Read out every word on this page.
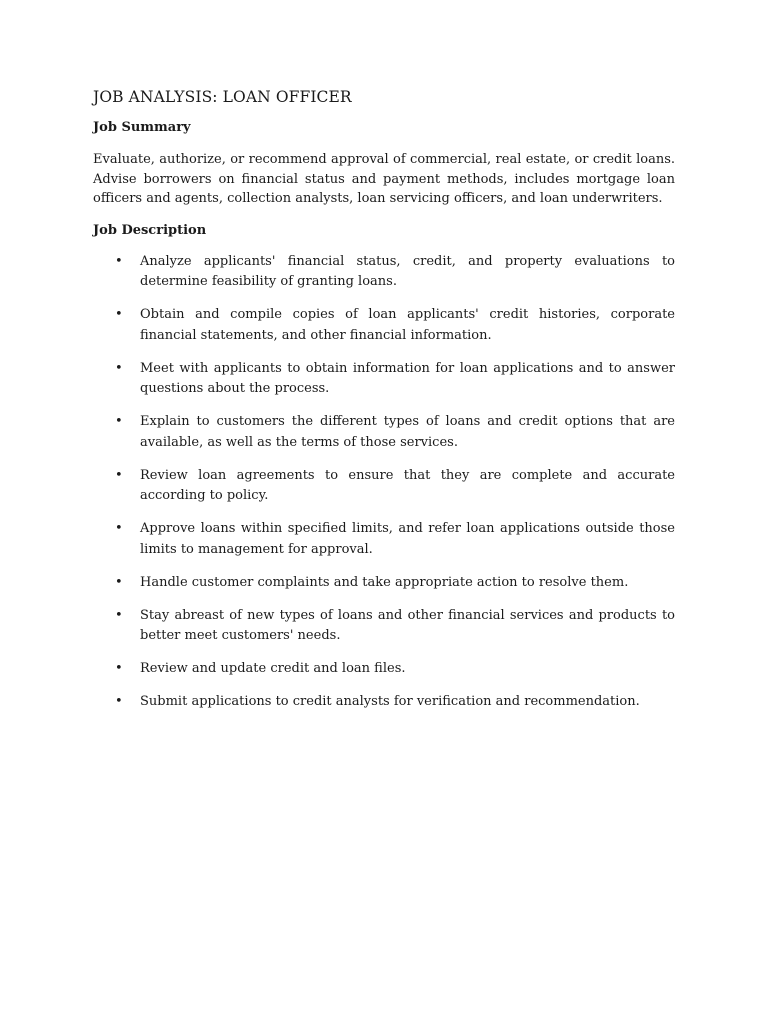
JOB ANALYSIS: LOAN OFFICER
Job Summary

Evaluate, authorize, or recommend approval of commercial, real estate, or credit loans. Advise borrowers on financial status and payment methods, includes mortgage loan officers and agents, collection analysts, loan servicing officers, and loan underwriters.

Job Description
• Analyze applicants' financial status, credit, and property evaluations to determine feasibility of granting loans.
• Obtain and compile copies of loan applicants' credit histories, corporate financial statements, and other financial information.
• Meet with applicants to obtain information for loan applications and to answer questions about the process.
• Explain to customers the different types of loans and credit options that are available, as well as the terms of those services.
• Review loan agreements to ensure that they are complete and accurate according to policy.
• Approve loans within specified limits, and refer loan applications outside those limits to management for approval.
• Handle customer complaints and take appropriate action to resolve them.
• Stay abreast of new types of loans and other financial services and products to better meet customers' needs.
• Review and update credit and loan files.
• Submit applications to credit analysts for verification and recommendation.
